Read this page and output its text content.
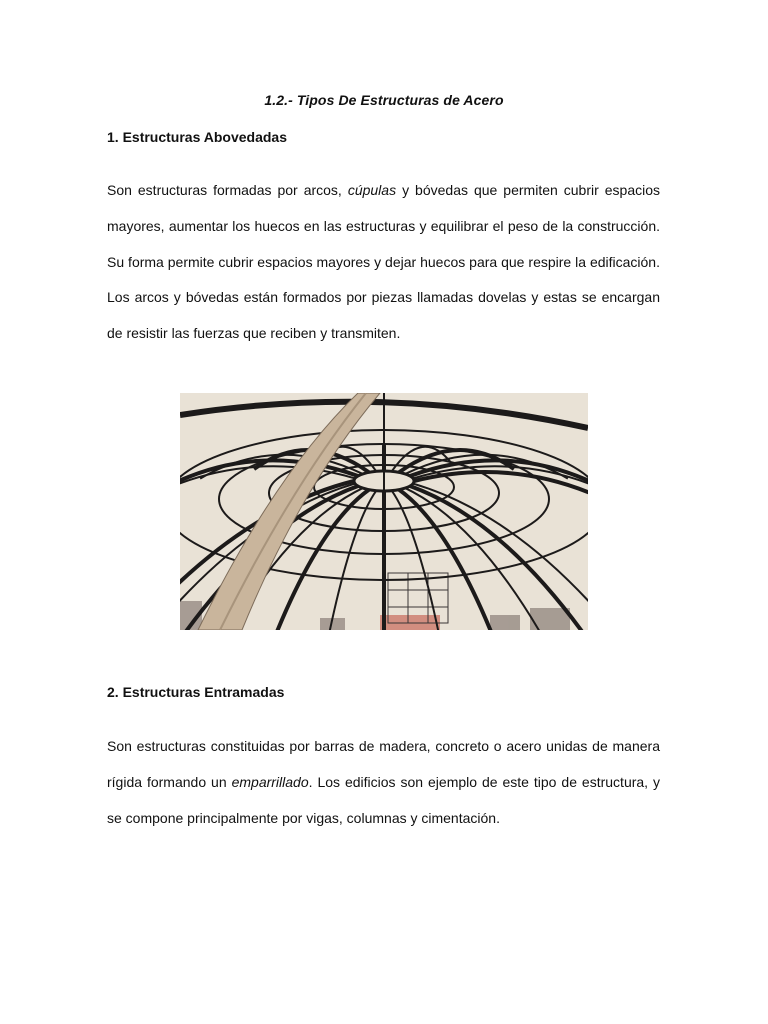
1.2.- Tipos De Estructuras de Acero
1. Estructuras Abovedadas

Son estructuras formadas por arcos, cúpulas y bóvedas que permiten cubrir espacios mayores, aumentar los huecos en las estructuras y equilibrar el peso de la construcción. Su forma permite cubrir espacios mayores y dejar huecos para que respire la edificación. Los arcos y bóvedas están formados por piezas llamadas dovelas y estas se encargan de resistir las fuerzas que reciben y transmiten.

2. Estructuras Entramadas

Son estructuras constituidas por barras de madera, concreto o acero unidas de manera rígida formando un emparrillado. Los edificios son ejemplo de este tipo de estructura, y se compone principalmente por vigas, columnas y cimentación.
